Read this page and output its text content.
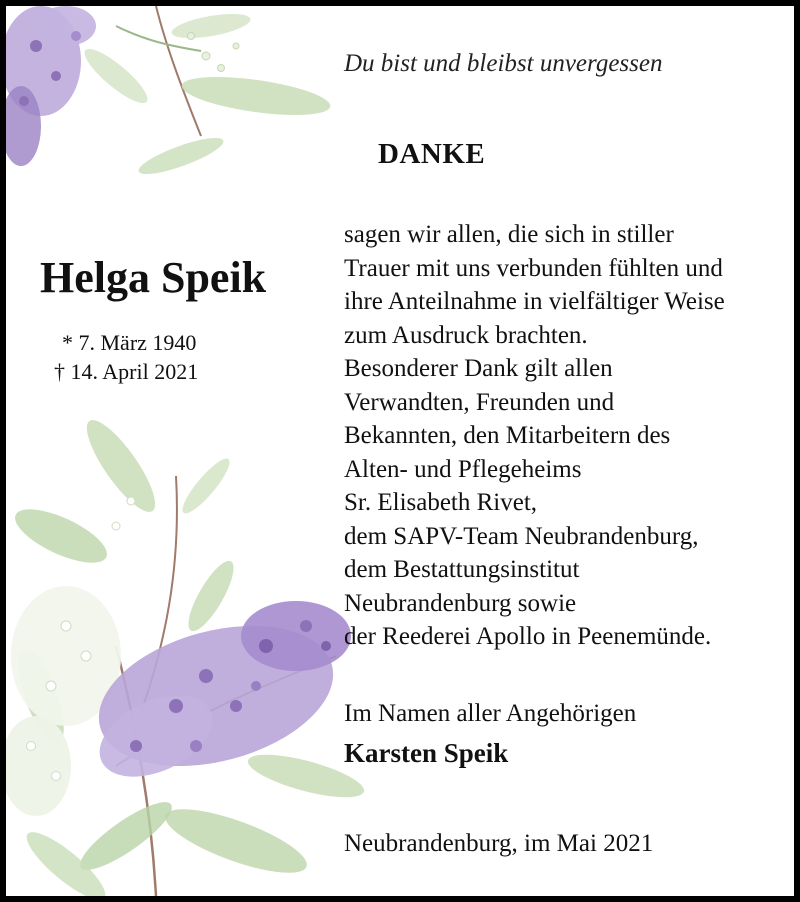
Du bist und bleibst unvergessen
DANKE
Helga Speik
* 7. März 1940
† 14. April 2021
sagen wir allen, die sich in stiller
Trauer mit uns verbunden fühlten und
ihre Anteilnahme in vielfältiger Weise
zum Ausdruck brachten.
Besonderer Dank gilt allen
Verwandten, Freunden und
Bekannten, den Mitarbeitern des
Alten- und Pflegeheims
Sr. Elisabeth Rivet,
dem SAPV-Team Neubrandenburg,
dem Bestattungsinstitut
Neubrandenburg sowie
der Reederei Apollo in Peenemünde.
Im Namen aller Angehörigen
Karsten Speik
Neubrandenburg, im Mai 2021
